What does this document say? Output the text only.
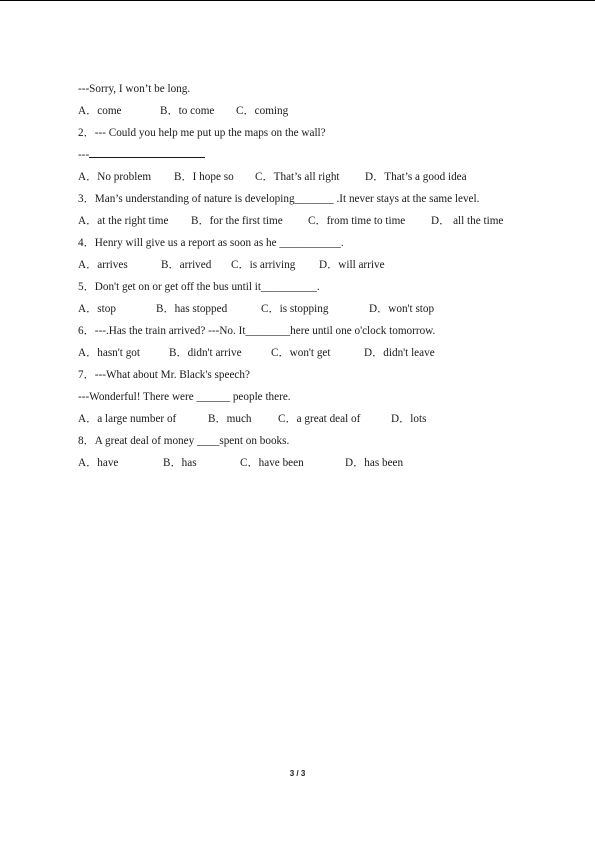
---Sorry, I won’t be long.
A．come	B．to come C．coming
2．--- Could you help me put up the maps on the wall?
---
A．No problem B．I hope so C．That’s all right D．That’s a good idea
3．Man’s understanding of nature is developing_______ .It never stays at the same level.
A．at the right time B．for the first time C．from time to time D． all the time
4．Henry will give us a report as soon as he ___________.
A．arrives	B．arrived C．is arriving D．will arrive
5．Don't get on or get off the bus until it__________.
A．stop	B．has stopped	C．is stopping	D．won't stop
6．---.Has the train arrived? ---No. It________here until one o'clock tomorrow.
A．hasn't got	B．didn't arrive	C．won't get	D．didn't leave
7．---What about Mr. Black's speech?
---Wonderful! There were ______ people there.
A．a large number of	B．much C．a great deal of	D．lots
8．A great deal of money ____spent on books.
A．have	B．has	C．have been	D．has been
3 / 3
